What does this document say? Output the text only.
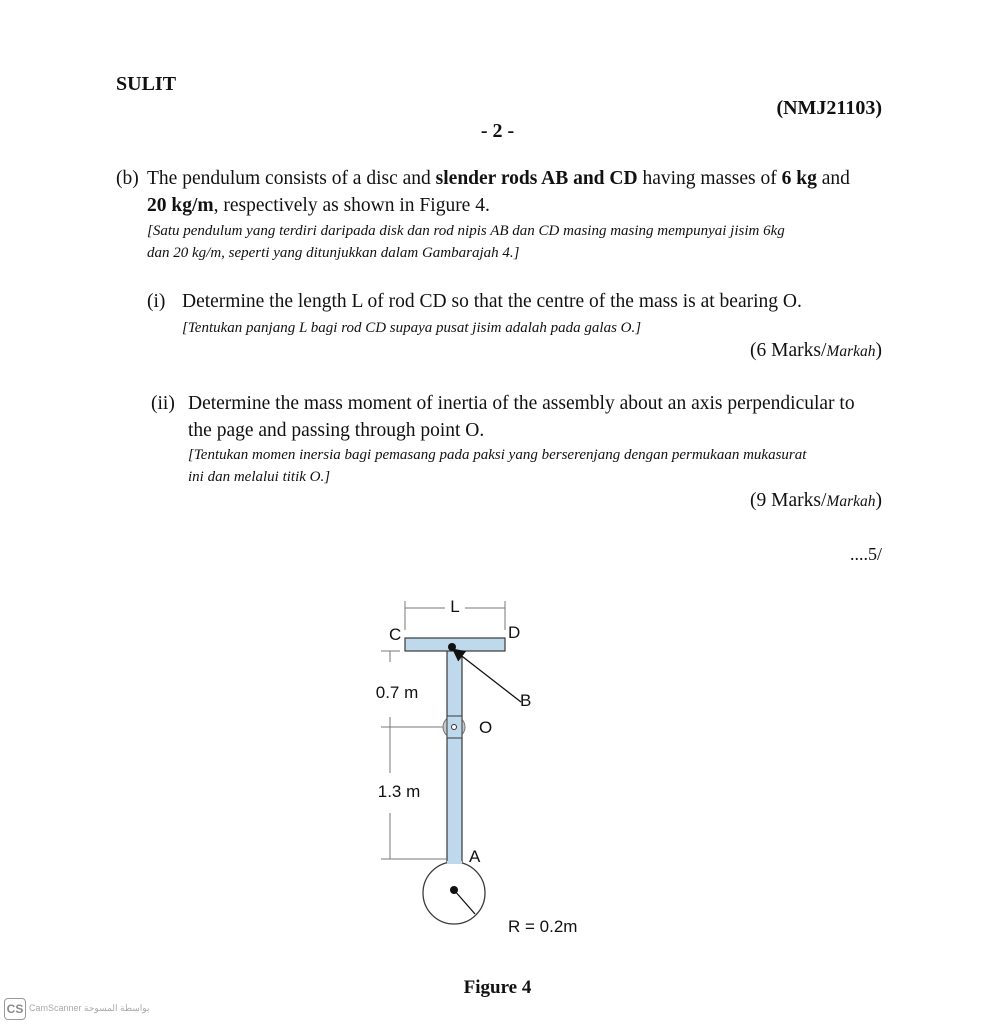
SULIT
(NMJ21103)
- 2 -
(b) The pendulum consists of a disc and slender rods AB and CD having masses of 6 kg and
20 kg/m, respectively as shown in Figure 4.
[Satu pendulum yang terdiri daripada disk dan rod nipis AB dan CD masing masing mempunyai jisim 6kg
dan 20 kg/m, seperti yang ditunjukkan dalam Gambarajah 4.]
(i) Determine the length L of rod CD so that the centre of the mass is at bearing O.
[Tentukan panjang L bagi rod CD supaya pusat jisim adalah pada galas O.]
(6 Marks/Markah)
(ii) Determine the mass moment of inertia of the assembly about an axis perpendicular to
the page and passing through point O.
[Tentukan momen inersia bagi pemasang pada paksi yang berserenjang dengan permukaan mukasurat
ini dan melalui titik O.]
(9 Marks/Markah)
....5/
L
C	D
B
O
0.7 m
1.3 m
A
R = 0.2m
Figure 4
CS CamScanner بواسطة المسوحة
